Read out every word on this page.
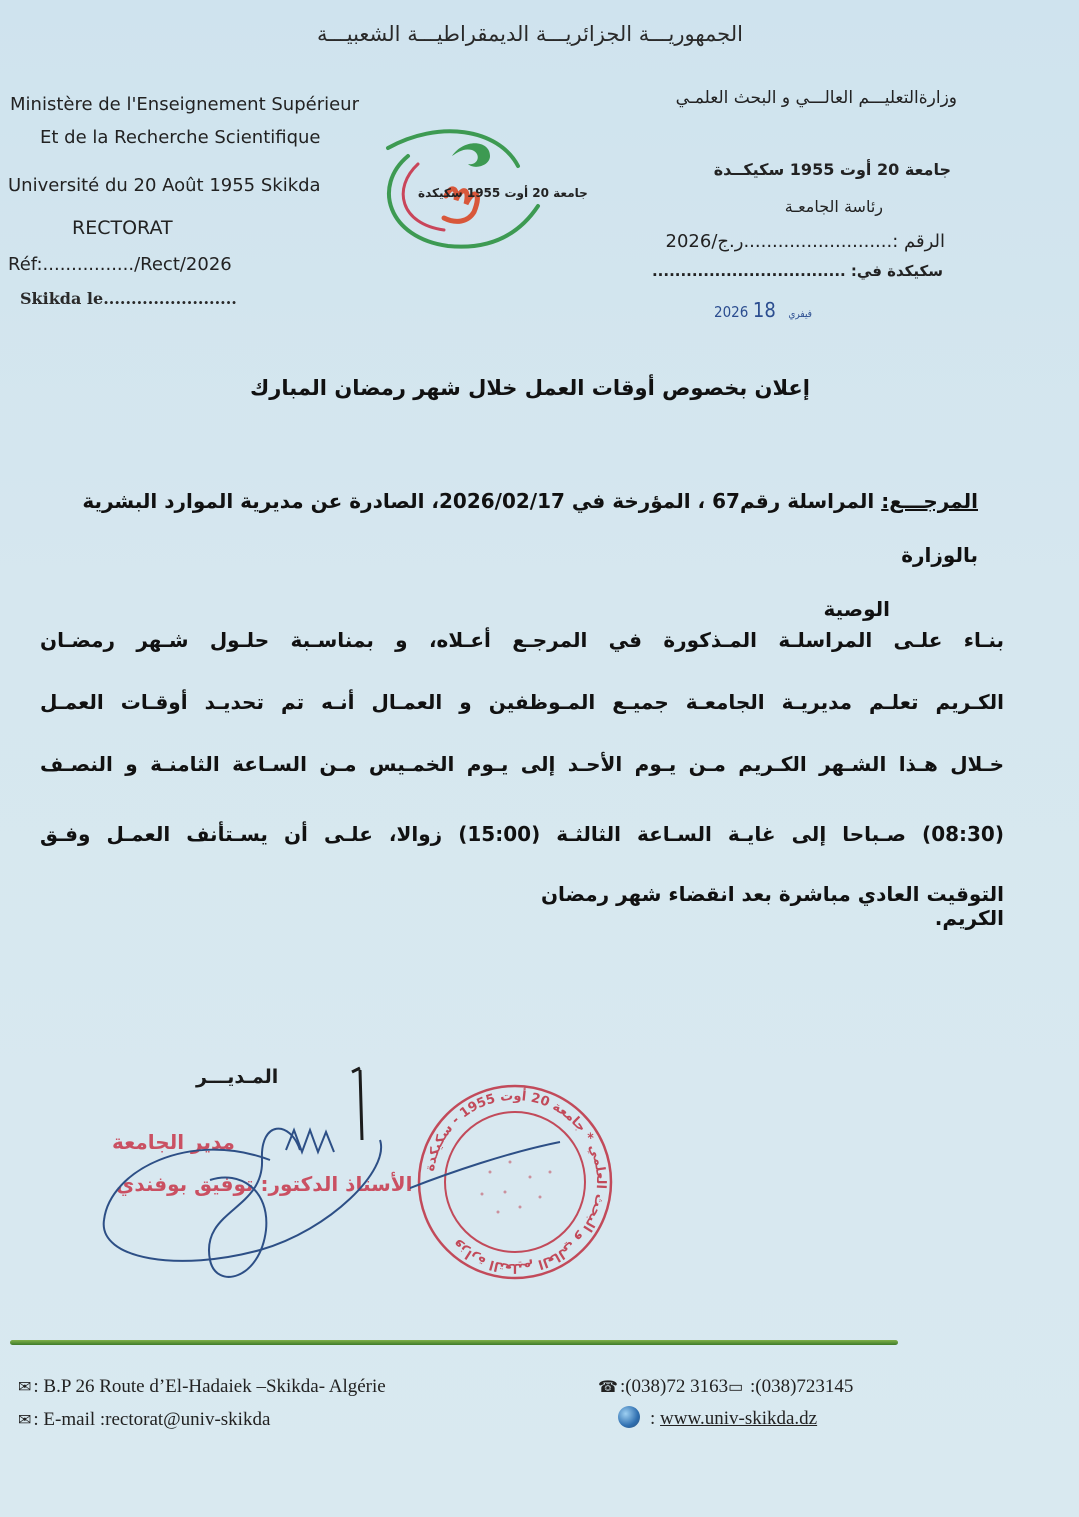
الجمهوريـــة الجزائريـــة الديمقراطيـــة الشعبيـــة
Ministère de l'Enseignement Supérieur
Et de la Recherche Scientifique
Université du 20 Août 1955 Skikda
RECTORAT
Réf:................/Rect/2026
Skikda le........................
جامعة 20 أوت 1955 سكيكدة
وزارةالتعليـــم العالـــي و البحث العلمـي
جامعة 20 أوت 1955 سكيكــدة
رئاسة الجامعـة
الرقم :..........................ر.ج/2026
سكيكدة في: ..................................
2026	فيفري 18
إعلان بخصوص أوقات العمل خلال شهر رمضان المبارك
المرجـــع: المراسلة رقم67 ، المؤرخة في 2026/02/17، الصادرة عن مديرية الموارد البشرية بالوزارة
الوصية
بنـاء علـى المراسلـة المـذكورة في المرجـع أعـلاه، و بمناسـبة حلـول شـهر رمضـان
الكـريم تعلـم مديريـة الجامعـة جميـع المـوظفين و العمـال أنـه تم تحديـد أوقـات العمـل
خـلال هـذا الشـهر الكـريم مـن يـوم الأحـد إلى يـوم الخمـيس مـن السـاعة الثامنـة و النصـف
(08:30) صـباحا إلى غايـة السـاعة الثالثـة (15:00) زوالا، علـى أن يسـتأنف العمـل وفـق
التوقيت العادي مباشرة بعد انقضاء شهر رمضان الكريم.
المـديـــر
مدير الجامعة
الأستاذ الدكتور: توفيق بوفندي
وزارة التعليم العالي و البحث العلمي * جامعة 20 أوت 1955 - سكيكدة
✉ : B.P 26 Route d’El-Hadaiek –Skikda- Algérie
✉ : E-mail :rectorat@univ-skikda
☎ :(038)72 3163▭ :(038)723145
: www.univ-skikda.dz
